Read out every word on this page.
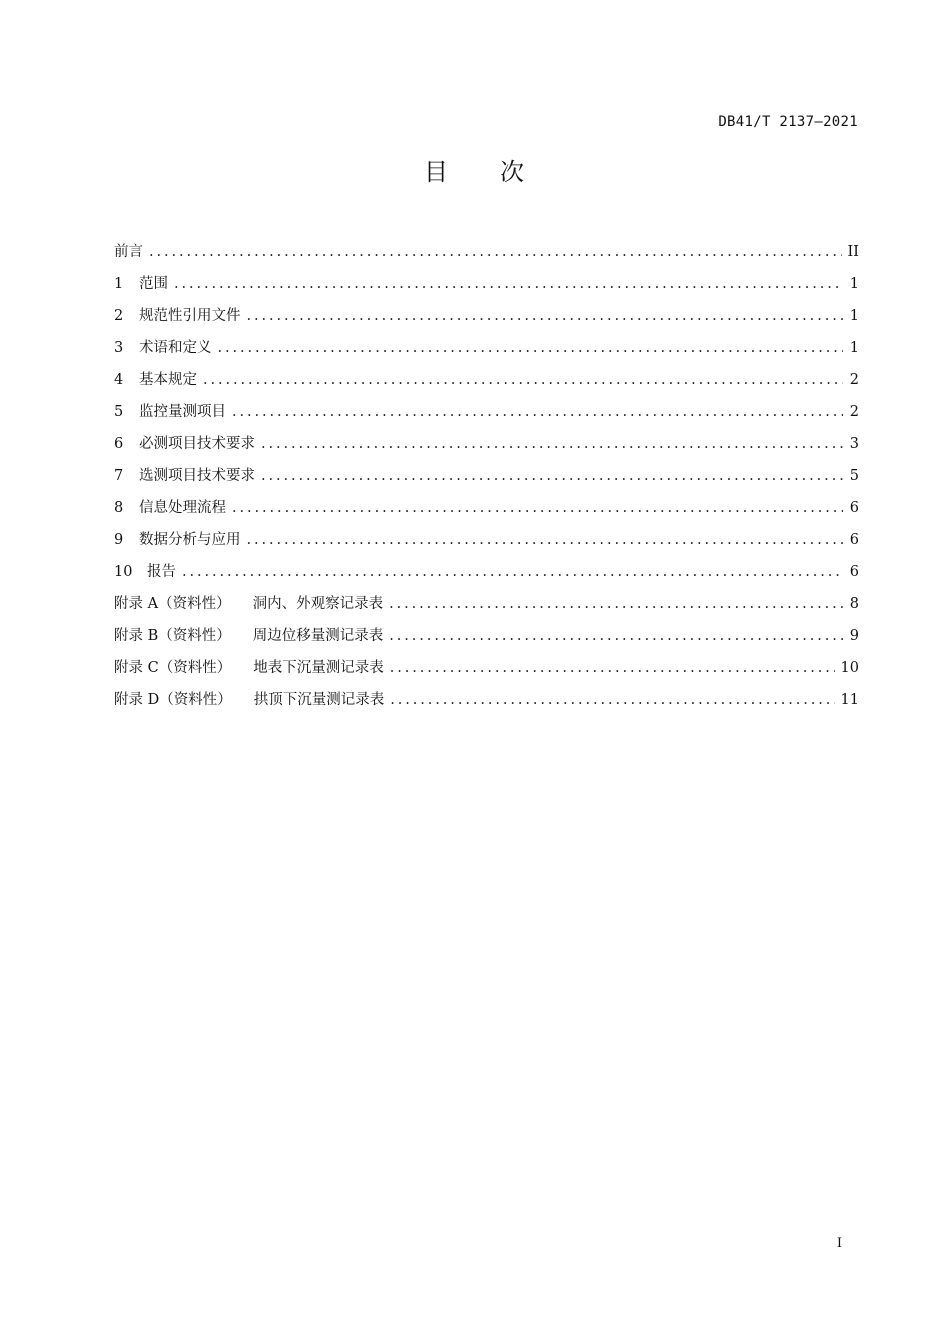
DB41/T 2137—2021
目 次
前言 .....	II
1	范围 .....	1
2	规范性引用文件 .....	1
3	术语和定义 .....	1
4	基本规定 .....	2
5	监控量测项目 .....	2
6	必测项目技术要求 .....	3
7	选测项目技术要求 .....	5
8	信息处理流程 .....	6
9	数据分析与应用 .....	6
10	报告 .....	6
附录 A（资料性） 洞内、外观察记录表 .....	8
附录 B（资料性） 周边位移量测记录表 .....	9
附录 C（资料性） 地表下沉量测记录表 .....	10
附录 D（资料性） 拱顶下沉量测记录表 .....	11
I
